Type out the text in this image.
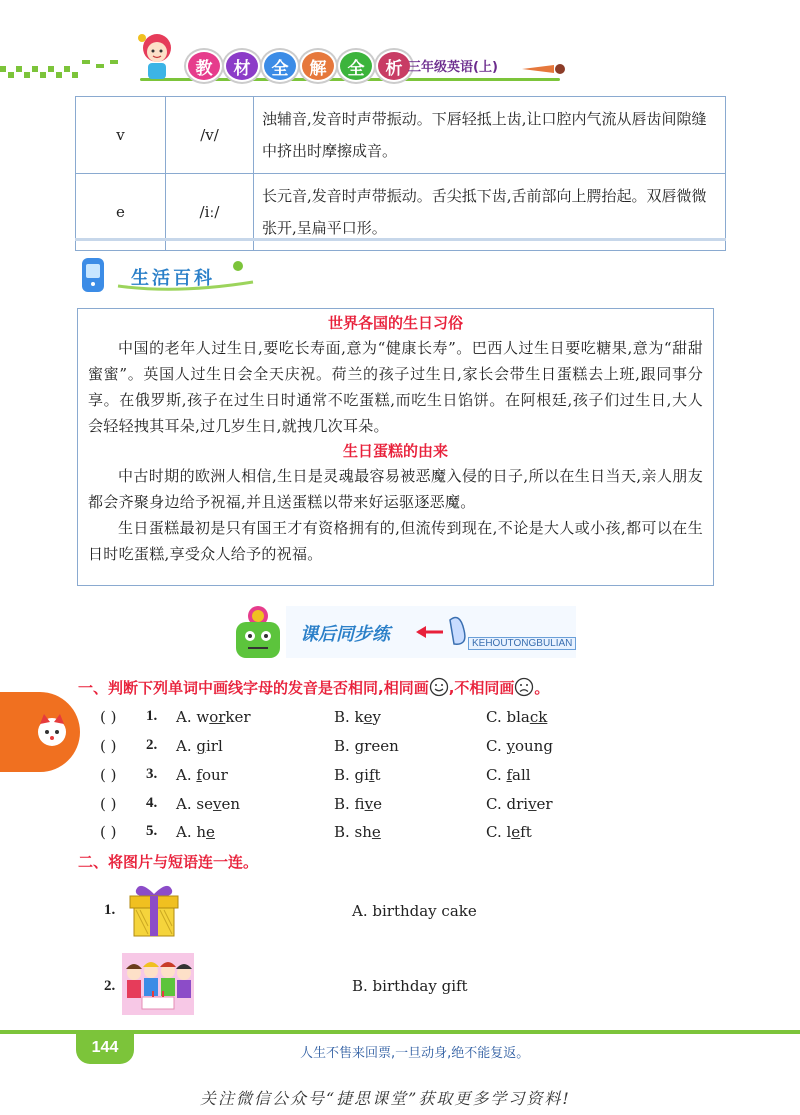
教	材	全	解	全	析 三年级英语(上)
v	/v/	浊辅音,发音时声带振动。下唇轻抵上齿,让口腔内气流从唇齿间隙缝中挤出时摩擦成音。
e	/iː/	长元音,发音时声带振动。舌尖抵下齿,舌前部向上腭抬起。双唇微微张开,呈扁平口形。
生活百科
世界各国的生日习俗

中国的老年人过生日,要吃长寿面,意为“健康长寿”。巴西人过生日要吃糖果,意为“甜甜蜜蜜”。英国人过生日会全天庆祝。荷兰的孩子过生日,家长会带生日蛋糕去上班,跟同事分享。在俄罗斯,孩子在过生日时通常不吃蛋糕,而吃生日馅饼。在阿根廷,孩子们过生日,大人会轻轻拽其耳朵,过几岁生日,就拽几次耳朵。

生日蛋糕的由来

中古时期的欧洲人相信,生日是灵魂最容易被恶魔入侵的日子,所以在生日当天,亲人朋友都会齐聚身边给予祝福,并且送蛋糕以带来好运驱逐恶魔。

生日蛋糕最初是只有国王才有资格拥有的,但流传到现在,不论是大人或小孩,都可以在生日时吃蛋糕,享受众人给予的祝福。

课后同步练	KEHOUTONGBULIAN
一、判断下列单词中画线字母的发音是否相同,相同画 ,不相同画 。
( ) 1. A. worker	B. key	C. black
( ) 2. A. girl	B. green	C. young
( ) 3. A. four	B. gift	C. fall
( ) 4. A. seven	B. five	C. driver
( ) 5. A. he	B. she	C. left
二、将图片与短语连一连。
1.	A. birthday cake
2.	B. birthday gift
144	人生不售来回票,一旦动身,绝不能复返。
关注微信公众号“捷思课堂”获取更多学习资料!
